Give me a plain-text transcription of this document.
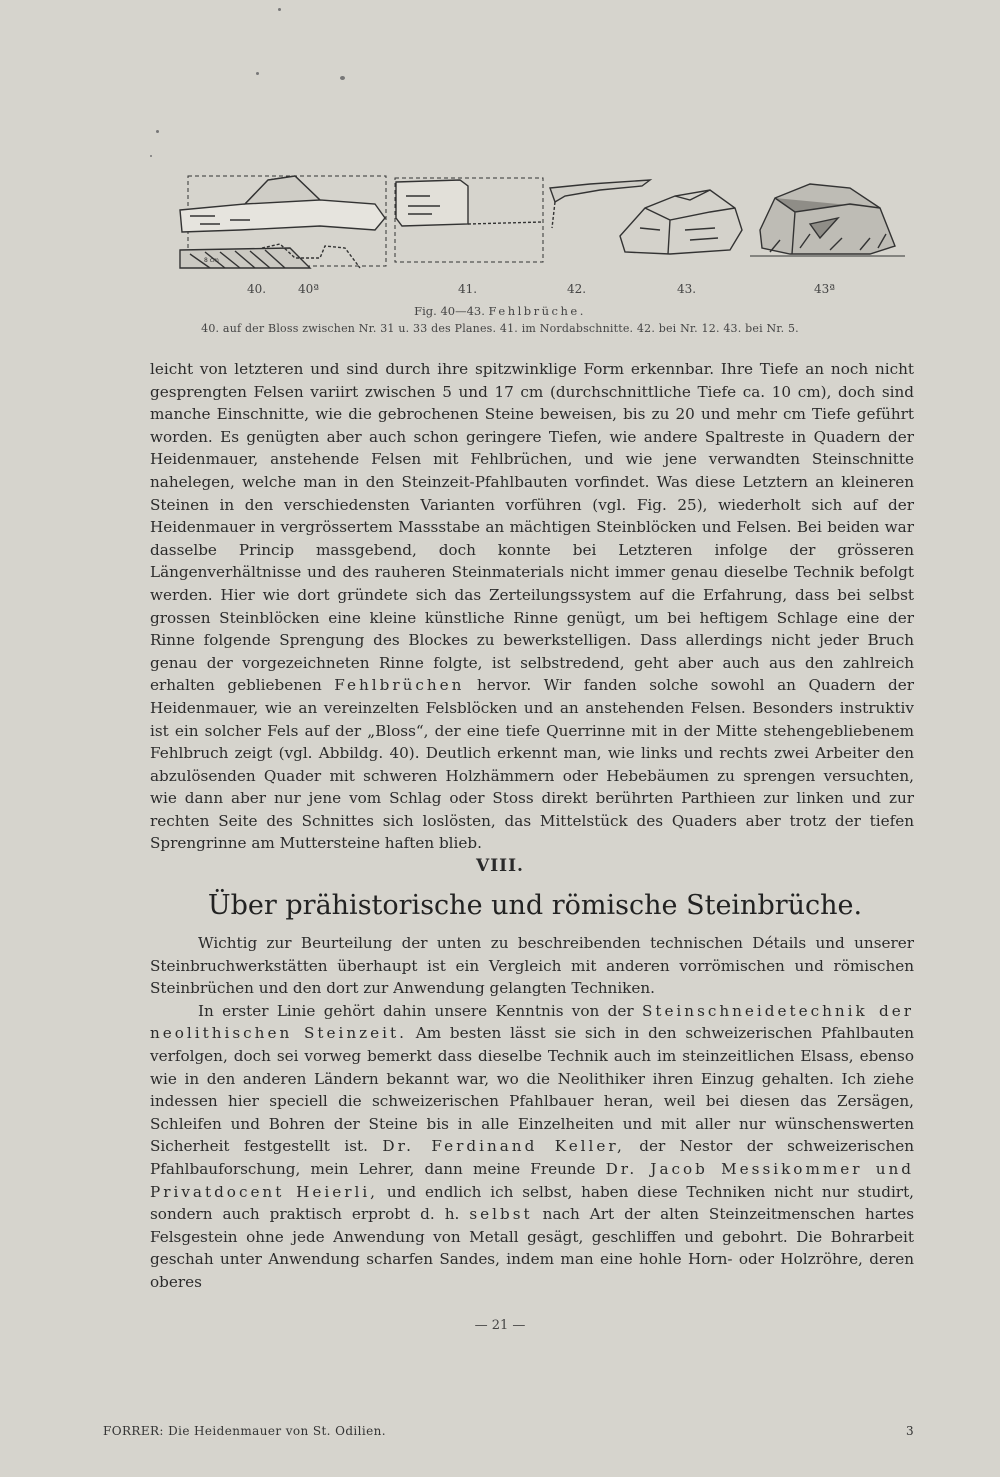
8 cm
40.	40ª	41.	42.	43.	43ª
Fig. 40—43. Fehlbrüche.
40. auf der Bloss zwischen Nr. 31 u. 33 des Planes. 41. im Nordabschnitte. 42. bei Nr. 12. 43. bei Nr. 5.

leicht von letzteren und sind durch ihre spitzwinklige Form erkennbar. Ihre Tiefe an noch nicht gesprengten Felsen variirt zwischen 5 und 17 cm (durchschnittliche Tiefe ca. 10 cm), doch sind manche Einschnitte, wie die gebrochenen Steine beweisen, bis zu 20 und mehr cm Tiefe geführt worden. Es genügten aber auch schon geringere Tiefen, wie andere Spaltreste in Quadern der Heidenmauer, anstehende Felsen mit Fehlbrüchen, und wie jene verwandten Steinschnitte nahelegen, welche man in den Steinzeit-Pfahlbauten vorfindet. Was diese Letztern an kleineren Steinen in den verschiedensten Varianten vorführen (vgl. Fig. 25), wiederholt sich auf der Heidenmauer in vergrössertem Massstabe an mächtigen Steinblöcken und Felsen. Bei beiden war dasselbe Princip massgebend, doch konnte bei Letzteren infolge der grösseren Längenverhältnisse und des rauheren Steinmaterials nicht immer genau dieselbe Technik befolgt werden. Hier wie dort gründete sich das Zerteilungssystem auf die Erfahrung, dass bei selbst grossen Steinblöcken eine kleine künstliche Rinne genügt, um bei heftigem Schlage eine der Rinne folgende Sprengung des Blockes zu bewerkstelligen. Dass allerdings nicht jeder Bruch genau der vorgezeichneten Rinne folgte, ist selbstredend, geht aber auch aus den zahlreich erhalten gebliebenen Fehlbrüchen hervor. Wir fanden solche sowohl an Quadern der Heidenmauer, wie an vereinzelten Felsblöcken und an anstehenden Felsen. Besonders instruktiv ist ein solcher Fels auf der „Bloss“, der eine tiefe Querrinne mit in der Mitte stehengebliebenem Fehlbruch zeigt (vgl. Abbildg. 40). Deutlich erkennt man, wie links und rechts zwei Arbeiter den abzulösenden Quader mit schweren Holzhämmern oder Hebebäumen zu sprengen versuchten, wie dann aber nur jene vom Schlag oder Stoss direkt berührten Parthieen zur linken und zur rechten Seite des Schnittes sich loslösten, das Mittelstück des Quaders aber trotz der tiefen Sprengrinne am Muttersteine haften blieb.

VIII.
Über prähistorische und römische Steinbrüche.

Wichtig zur Beurteilung der unten zu beschreibenden technischen Détails und unserer Steinbruchwerkstätten überhaupt ist ein Vergleich mit anderen vorrömischen und römischen Steinbrüchen und den dort zur Anwendung gelangten Techniken.

In erster Linie gehört dahin unsere Kenntnis von der Steinschneidetechnik der neolithischen Steinzeit. Am besten lässt sie sich in den schweizerischen Pfahlbauten verfolgen, doch sei vorweg bemerkt dass dieselbe Technik auch im steinzeitlichen Elsass, ebenso wie in den anderen Ländern bekannt war, wo die Neolithiker ihren Einzug gehalten. Ich ziehe indessen hier speciell die schweizerischen Pfahlbauer heran, weil bei diesen das Zersägen, Schleifen und Bohren der Steine bis in alle Einzelheiten und mit aller nur wünschenswerten Sicherheit festgestellt ist. Dr. Ferdinand Keller, der Nestor der schweizerischen Pfahlbauforschung, mein Lehrer, dann meine Freunde Dr. Jacob Messikommer und Privatdocent Heierli, und endlich ich selbst, haben diese Techniken nicht nur studirt, sondern auch praktisch erprobt d. h. selbst nach Art der alten Steinzeitmenschen hartes Felsgestein ohne jede Anwendung von Metall gesägt, geschliffen und gebohrt. Die Bohrarbeit geschah unter Anwendung scharfen Sandes, indem man eine hohle Horn- oder Holzröhre, deren oberes

— 21 —
FORRER: Die Heidenmauer von St. Odilien.	3
